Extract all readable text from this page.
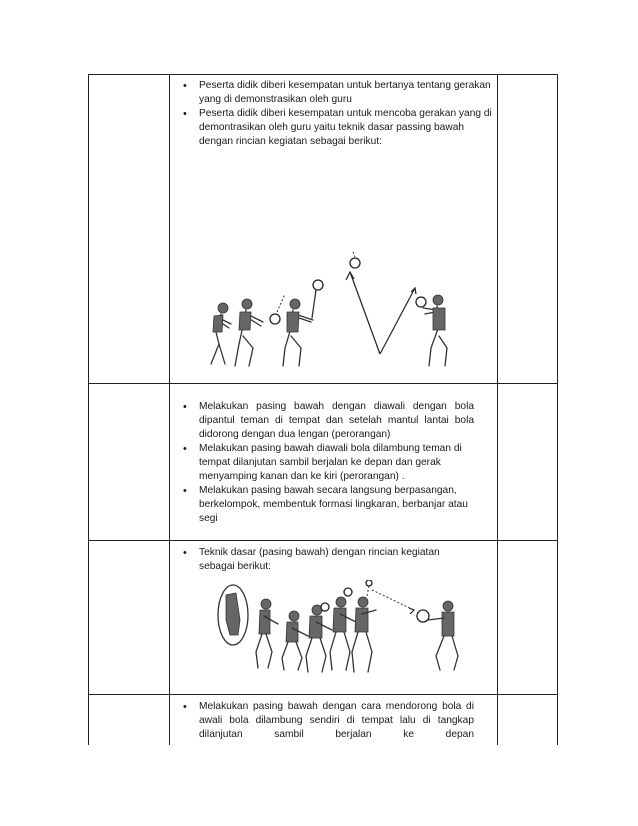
• Peserta didik diberi kesempatan untuk bertanya tentang gerakan yang di demonstrasikan oleh guru
• Peserta didik diberi kesempatan untuk mencoba gerakan yang di demontrasikan oleh guru yaitu teknik dasar passing bawah dengan rincian kegiatan sebagai berikut:
• Melakukan pasing bawah dengan diawali dengan bola dipantul teman di tempat dan setelah mantul lantai bola didorong dengan dua lengan (perorangan)
• Melakukan pasing bawah diawali bola dilambung teman di tempat dilanjutan sambil berjalan ke depan dan gerak menyamping kanan dan ke kiri (perorangan) .
• Melakukan pasing bawah secara langsung berpasangan, berkelompok, membentuk formasi lingkaran, berbanjar atau segi
• Teknik dasar (pasing bawah) dengan rincian kegiatan sebagai berikut:
• Melakukan pasing bawah dengan cara mendorong bola di awali bola dilambung sendiri di tempat lalu di tangkap dilanjutan sambil berjalan ke depan
